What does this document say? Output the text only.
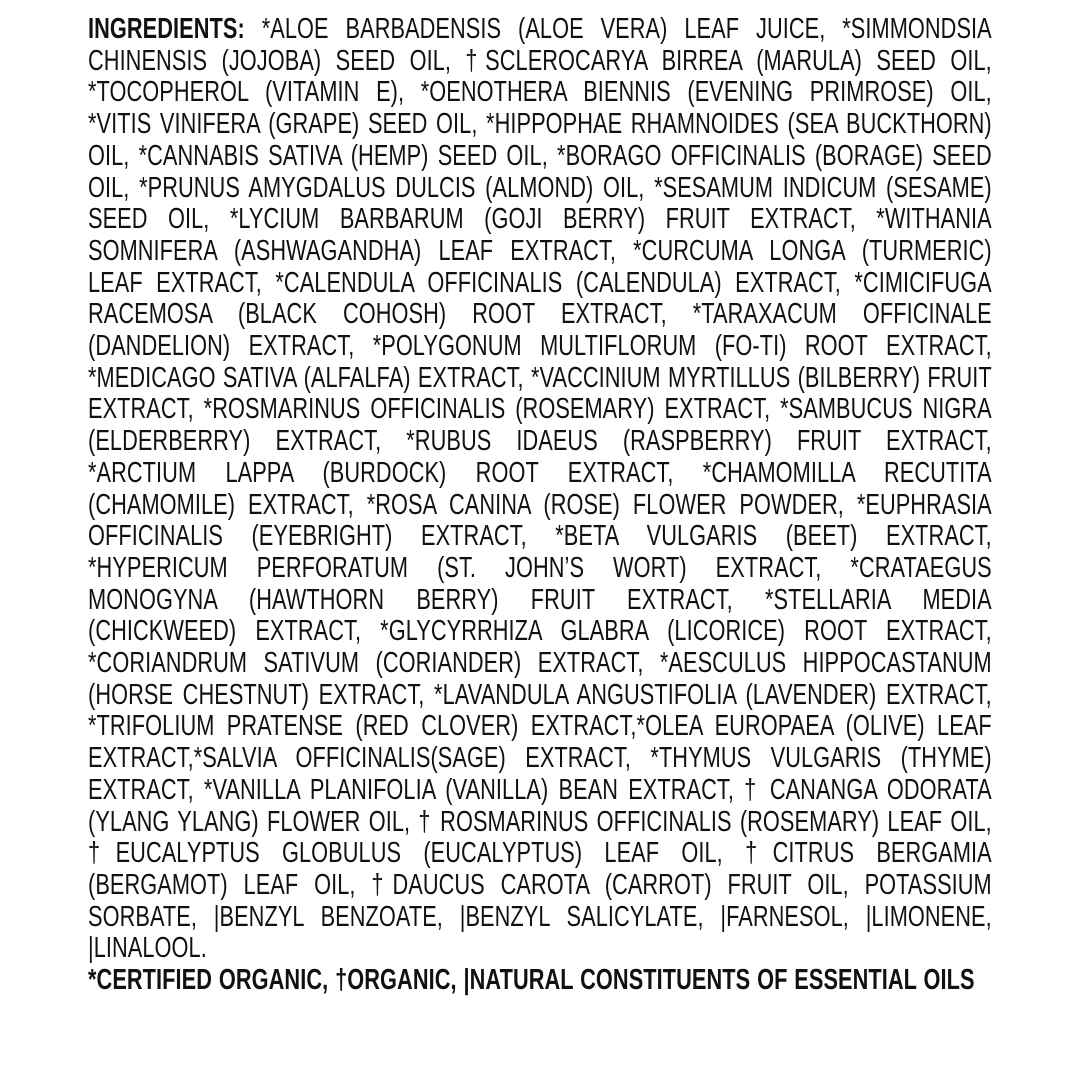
INGREDIENTS: *ALOE BARBADENSIS (ALOE VERA) LEAF JUICE, *SIMMONDSIA CHINENSIS (JOJOBA) SEED OIL, †SCLEROCARYA BIRREA (MARULA) SEED OIL, *TOCOPHEROL (VITAMIN E), *OENOTHERA BIENNIS (EVENING PRIMROSE) OIL, *VITIS VINIFERA (GRAPE) SEED OIL, *HIPPOPHAE RHAMNOIDES (SEA BUCKTHORN) OIL, *CANNABIS SATIVA (HEMP) SEED OIL, *BORAGO OFFICINALIS (BORAGE) SEED OIL, *PRUNUS AMYGDALUS DULCIS (ALMOND) OIL, *SESAMUM INDICUM (SESAME) SEED OIL, *LYCIUM BARBARUM (GOJI BERRY) FRUIT EXTRACT, *WITHANIA SOMNIFERA (ASHWAGANDHA) LEAF EXTRACT, *CURCUMA LONGA (TURMERIC) LEAF EXTRACT, *CALENDULA OFFICINALIS (CALENDULA) EXTRACT, *CIMICIFUGA RACEMOSA (BLACK COHOSH) ROOT EXTRACT, *TARAXACUM OFFICINALE (DANDELION) EXTRACT, *POLYGONUM MULTIFLORUM (FO-TI) ROOT EXTRACT, *MEDICAGO SATIVA (ALFALFA) EXTRACT, *VACCINIUM MYRTILLUS (BILBERRY) FRUIT EXTRACT, *ROSMARINUS OFFICINALIS (ROSEMARY) EXTRACT, *SAMBUCUS NIGRA (ELDERBERRY) EXTRACT, *RUBUS IDAEUS (RASPBERRY) FRUIT EXTRACT, *ARCTIUM LAPPA (BURDOCK) ROOT EXTRACT, *CHAMOMILLA RECUTITA (CHAMOMILE) EXTRACT, *ROSA CANINA (ROSE) FLOWER POWDER, *EUPHRASIA OFFICINALIS (EYEBRIGHT) EXTRACT, *BETA VULGARIS (BEET) EXTRACT, *HYPERICUM PERFORATUM (ST. JOHN’S WORT) EXTRACT, *CRATAEGUS MONOGYNA (HAWTHORN BERRY) FRUIT EXTRACT, *STELLARIA MEDIA (CHICKWEED) EXTRACT, *GLYCYRRHIZA GLABRA (LICORICE) ROOT EXTRACT, *CORIANDRUM SATIVUM (CORIANDER) EXTRACT, *AESCULUS HIPPOCASTANUM (HORSE CHESTNUT) EXTRACT, *LAVANDULA ANGUSTIFOLIA (LAVENDER) EXTRACT, *TRIFOLIUM PRATENSE (RED CLOVER) EXTRACT,*OLEA EUROPAEA (OLIVE) LEAF EXTRACT,*SALVIA OFFICINALIS(SAGE) EXTRACT, *THYMUS VULGARIS (THYME) EXTRACT, *VANILLA PLANIFOLIA (VANILLA) BEAN EXTRACT, † CANANGA ODORATA (YLANG YLANG) FLOWER OIL, † ROSMARINUS OFFICINALIS (ROSEMARY) LEAF OIL, †EUCALYPTUS GLOBULUS (EUCALYPTUS) LEAF OIL, †CITRUS BERGAMIA (BERGAMOT) LEAF OIL, †DAUCUS CAROTA (CARROT) FRUIT OIL, POTASSIUM SORBATE, |BENZYL BENZOATE, |BENZYL SALICYLATE, |FARNESOL, |LIMONENE, |LINALOOL.

*CERTIFIED ORGANIC, †ORGANIC, |NATURAL CONSTITUENTS OF ESSENTIAL OILS
